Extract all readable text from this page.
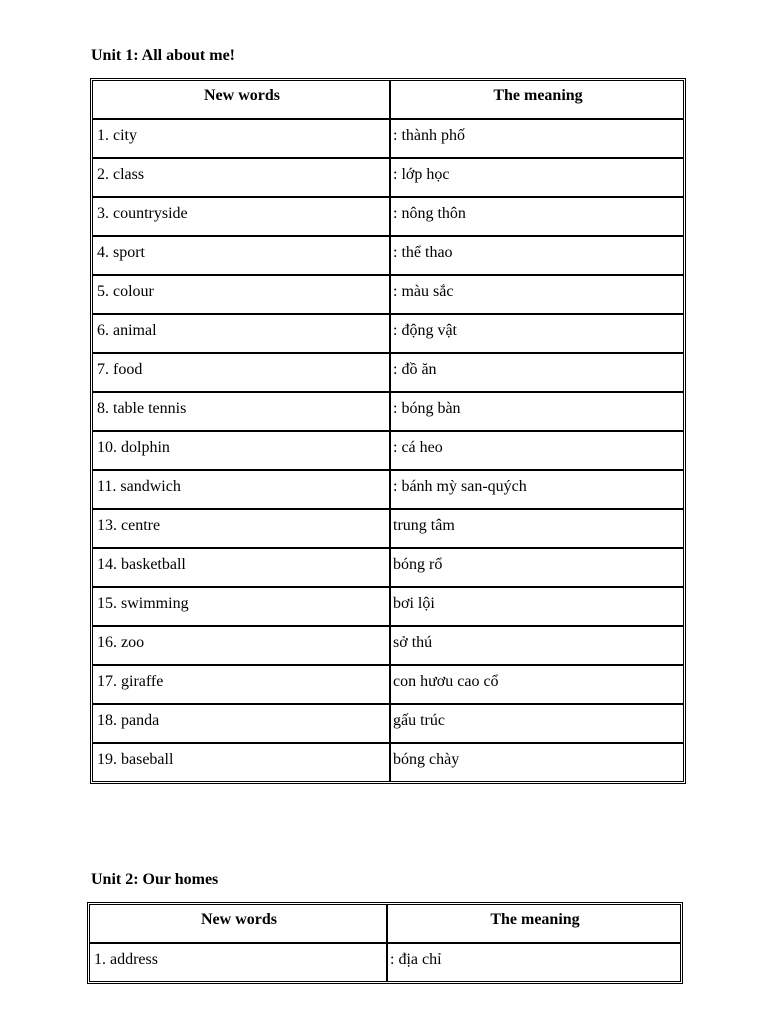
Unit 1: All about me!

New words	The meaning
1. city	: thành phố
2. class	: lớp học
3. countryside	: nông thôn
4. sport	: thể thao
5. colour	: màu sắc
6. animal	: động vật
7. food	: đồ ăn
8. table tennis	: bóng bàn
10. dolphin	: cá heo
11. sandwich	: bánh mỳ san-quých
13. centre	trung tâm
14. basketball	bóng rổ
15. swimming	bơi lội
16. zoo	sở thú
17. giraffe	con hươu cao cổ
18. panda	gấu trúc
19. baseball	bóng chày

Unit 2: Our homes

New words	The meaning
1. address	: địa chỉ
